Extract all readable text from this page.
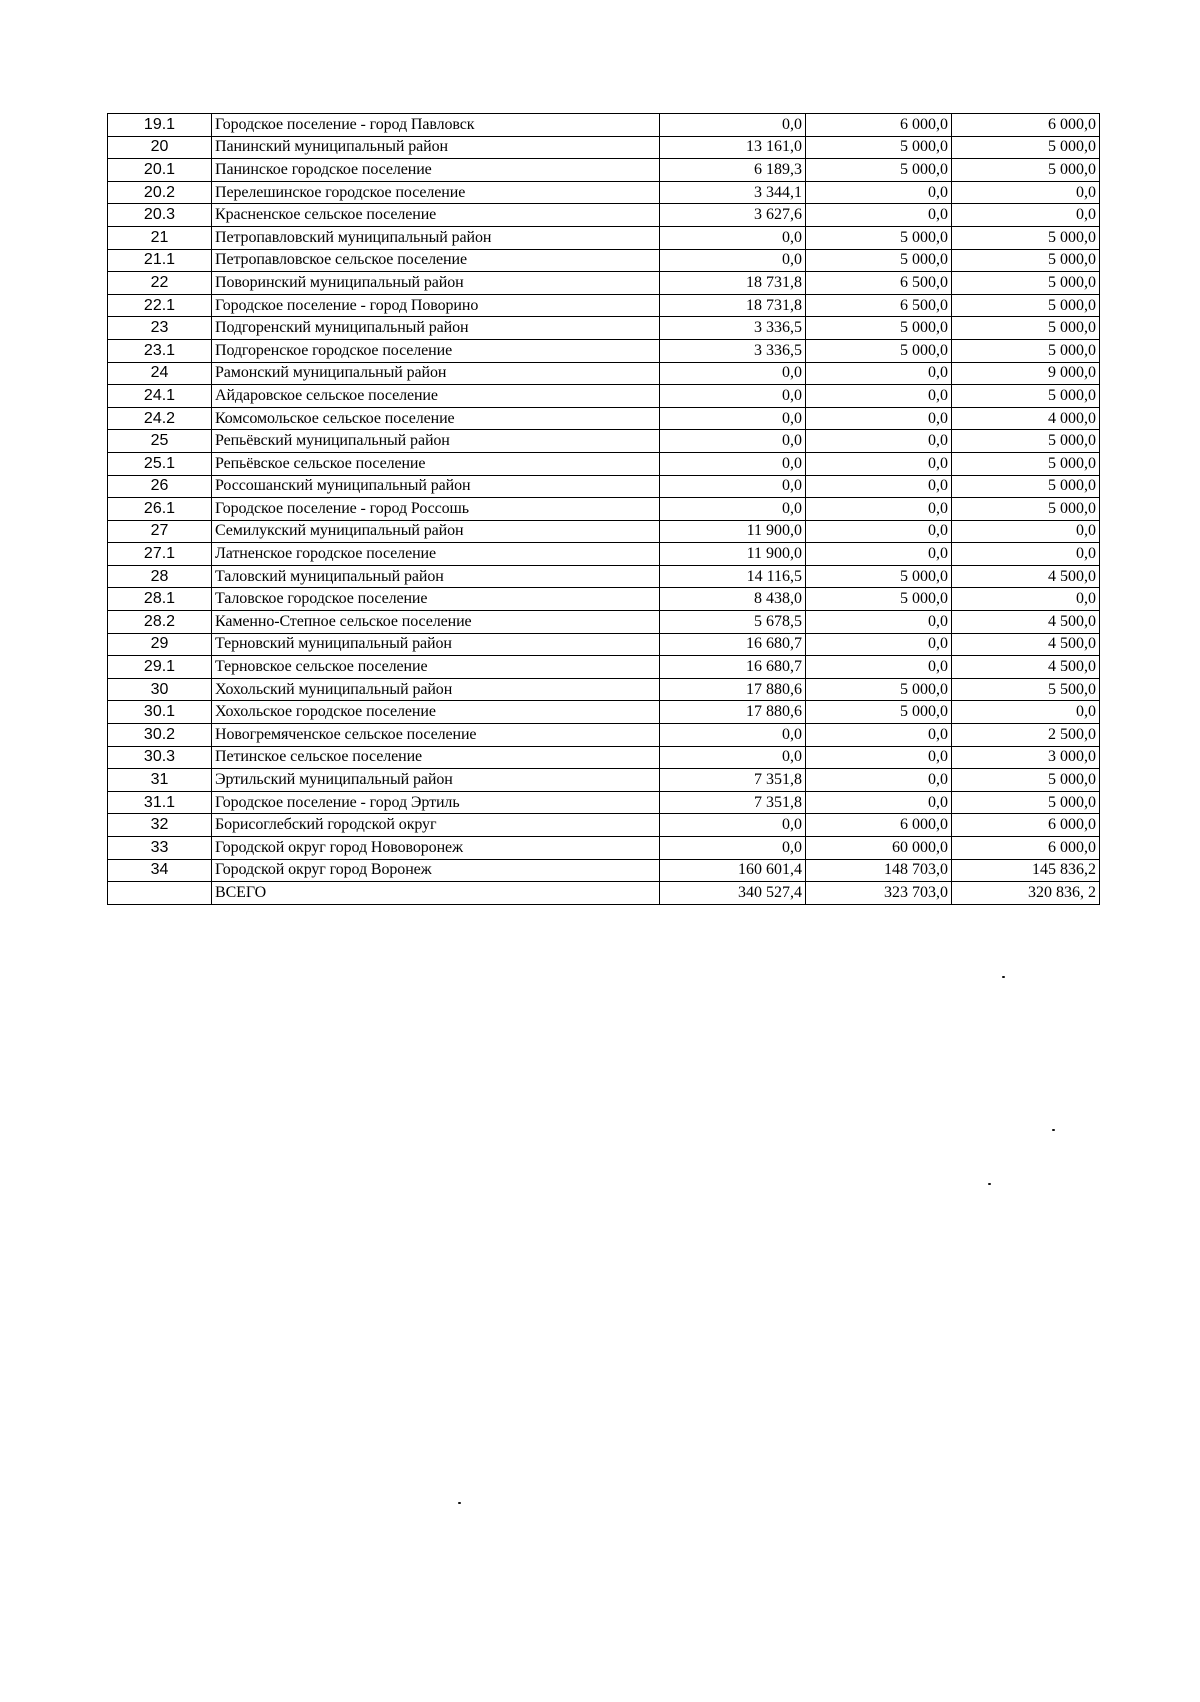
19.1	Городское поселение - город Павловск	0,0	6 000,0	6 000,0
20	Панинский муниципальный район	13 161,0	5 000,0	5 000,0
20.1	Панинское городское поселение	6 189,3	5 000,0	5 000,0
20.2	Перелешинское городское поселение	3 344,1	0,0	0,0
20.3	Красненское сельское поселение	3 627,6	0,0	0,0
21	Петропавловский муниципальный район	0,0	5 000,0	5 000,0
21.1	Петропавловское сельское поселение	0,0	5 000,0	5 000,0
22	Поворинский муниципальный район	18 731,8	6 500,0	5 000,0
22.1	Городское поселение - город Поворино	18 731,8	6 500,0	5 000,0
23	Подгоренский муниципальный район	3 336,5	5 000,0	5 000,0
23.1	Подгоренское городское поселение	3 336,5	5 000,0	5 000,0
24	Рамонский муниципальный район	0,0	0,0	9 000,0
24.1	Айдаровское сельское поселение	0,0	0,0	5 000,0
24.2	Комсомольское сельское поселение	0,0	0,0	4 000,0
25	Репьёвский муниципальный район	0,0	0,0	5 000,0
25.1	Репьёвское сельское поселение	0,0	0,0	5 000,0
26	Россошанский муниципальный район	0,0	0,0	5 000,0
26.1	Городское поселение - город Россошь	0,0	0,0	5 000,0
27	Семилукский муниципальный район	11 900,0	0,0	0,0
27.1	Латненское городское поселение	11 900,0	0,0	0,0
28	Таловский муниципальный район	14 116,5	5 000,0	4 500,0
28.1	Таловское городское поселение	8 438,0	5 000,0	0,0
28.2	Каменно-Степное сельское поселение	5 678,5	0,0	4 500,0
29	Терновский муниципальный район	16 680,7	0,0	4 500,0
29.1	Терновское сельское поселение	16 680,7	0,0	4 500,0
30	Хохольский муниципальный район	17 880,6	5 000,0	5 500,0
30.1	Хохольское городское поселение	17 880,6	5 000,0	0,0
30.2	Новогремяченское сельское поселение	0,0	0,0	2 500,0
30.3	Петинское сельское поселение	0,0	0,0	3 000,0
31	Эртильский муниципальный район	7 351,8	0,0	5 000,0
31.1	Городское поселение - город Эртиль	7 351,8	0,0	5 000,0
32	Борисоглебский городской округ	0,0	6 000,0	6 000,0
33	Городской округ город Нововоронеж	0,0	60 000,0	6 000,0
34	Городской округ город Воронеж	160 601,4	148 703,0	145 836,2
	ВСЕГО	340 527,4	323 703,0	320 836, 2
